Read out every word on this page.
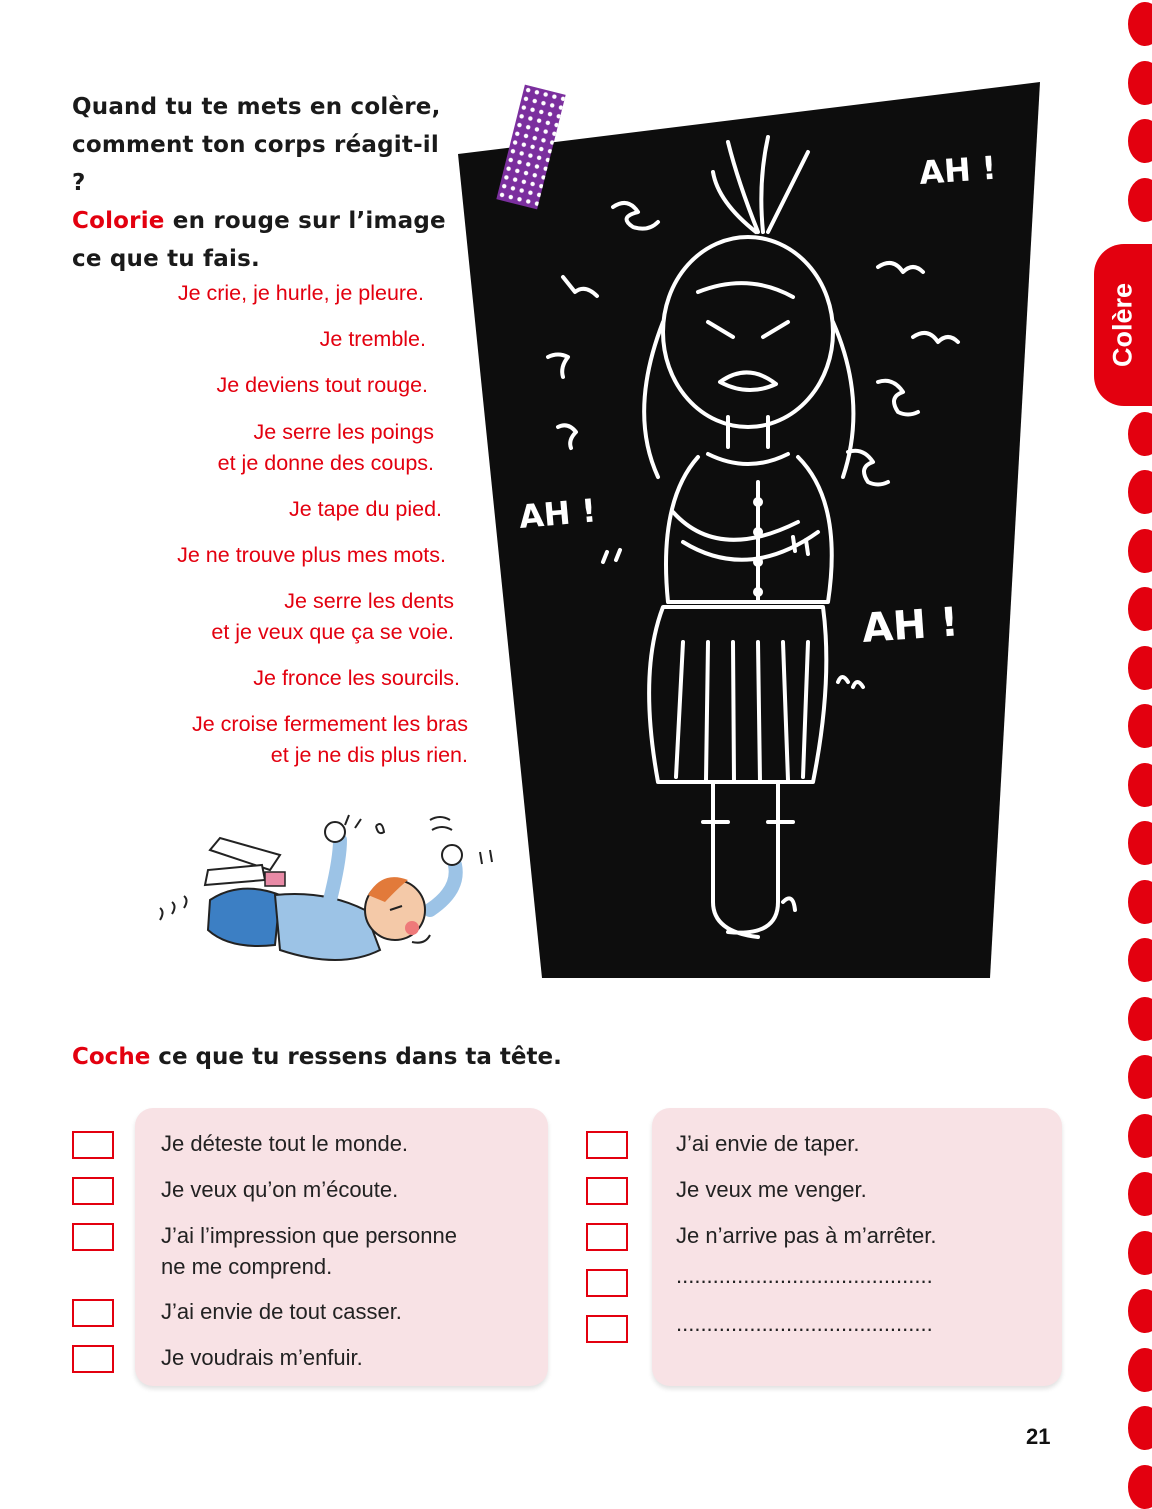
Colère
Quand tu te mets en colère,
comment ton corps réagit-il ?
Colorie en rouge sur l’image
ce que tu fais.
Je crie, je hurle, je pleure.
Je tremble.
Je deviens tout rouge.
Je serre les poings
et je donne des coups.
Je tape du pied.
Je ne trouve plus mes mots.
Je serre les dents
et je veux que ça se voie.
Je fronce les sourcils.
Je croise fermement les bras
et je ne dis plus rien.
AH !
AH !
AH !
Coche ce que tu ressens dans ta tête.
Je déteste tout le monde.
Je veux qu’on m’écoute.
J’ai l’impression que personne
ne me comprend.
J’ai envie de tout casser.
Je voudrais m’enfuir.
J’ai envie de taper.
Je veux me venger.
Je n’arrive pas à m’arrêter.
..........................................
..........................................
21
